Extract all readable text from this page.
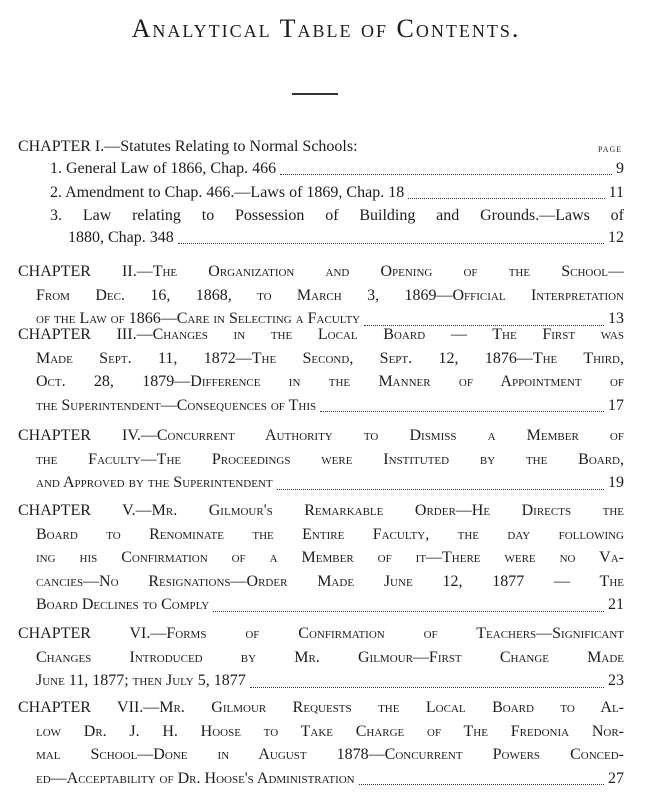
Analytical Table of Contents.
page
CHAPTER I.—Statutes Relating to Normal Schools:
1. General Law of 1866, Chap. 466	9
2. Amendment to Chap. 466.—Laws of 1869, Chap. 18	11
3. Law relating to Possession of Building and Grounds.—Laws of
1880, Chap. 348	12
CHAPTER II.—The Organization and Opening of the School—
From Dec. 16, 1868, to March 3, 1869—Official Interpretation
of the Law of 1866—Care in Selecting a Faculty	13
CHAPTER III.—Changes in the Local Board — The First was
Made Sept. 11, 1872—The Second, Sept. 12, 1876—The Third,
Oct. 28, 1879—Difference in the Manner of Appointment of
the Superintendent—Consequences of This	17
CHAPTER IV.—Concurrent Authority to Dismiss a Member of
the Faculty—The Proceedings were Instituted by the Board,
and Approved by the Superintendent	19
CHAPTER V.—Mr. Gilmour's Remarkable Order—He Directs the
Board to Renominate the Entire Faculty, the day following
ing his Confirmation of a Member of it—There were no Va-
cancies—No Resignations—Order Made June 12, 1877 — The
Board Declines to Comply	21
CHAPTER VI.—Forms of Confirmation of Teachers—Significant
Changes Introduced by Mr. Gilmour—First Change Made
June 11, 1877; then July 5, 1877	23
CHAPTER VII.—Mr. Gilmour Requests the Local Board to Al-
low Dr. J. H. Hoose to Take Charge of The Fredonia Nor-
mal School—Done in August 1878—Concurrent Powers Conced-
ed—Acceptability of Dr. Hoose's Administration	27
